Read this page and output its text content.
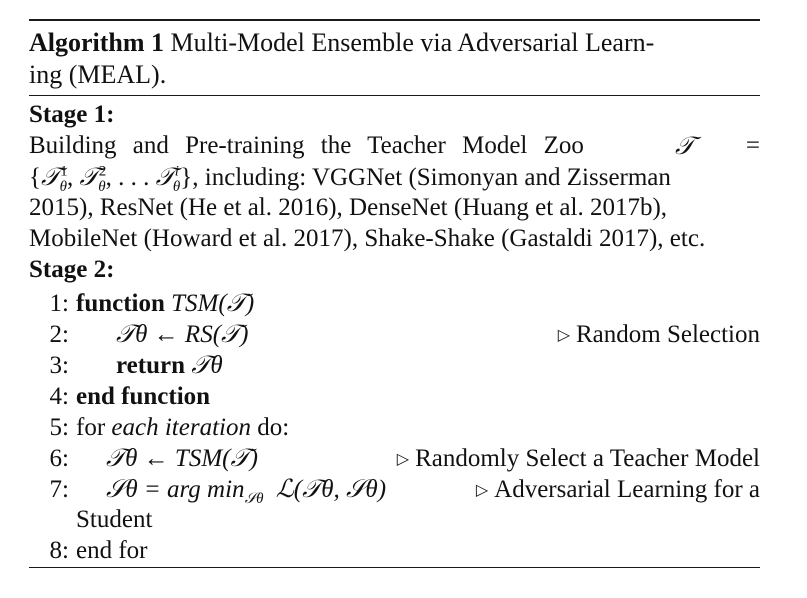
Algorithm 1 Multi-Model Ensemble via Adversarial Learn-
ing (MEAL).
Stage 1:
Building and Pre-training the Teacher Model Zoo	𝒯 =
{𝒯$^1_\theta$, 𝒯$^2_\theta$, . . . 𝒯$^i_\theta$}, including: VGGNet (Simonyan and Zisserman
2015), ResNet (He et al. 2016), DenseNet (Huang et al. 2017b),
MobileNet (Howard et al. 2017), Shake-Shake (Gastaldi 2017), etc.
Stage 2:
1: function TSM(𝒯)
2: 𝒯θ ← RS(𝒯)	▷ Random Selection
3: return 𝒯θ
4: end function
5: for each iteration do:
6: 𝒯θ ← TSM(𝒯)	▷ Randomly Select a Teacher Model
7: 𝒮θ = arg $\min_{𝒮\theta}$ ℒ(𝒯θ, 𝒮θ)	▷ Adversarial Learning for a
Student
8: end for
